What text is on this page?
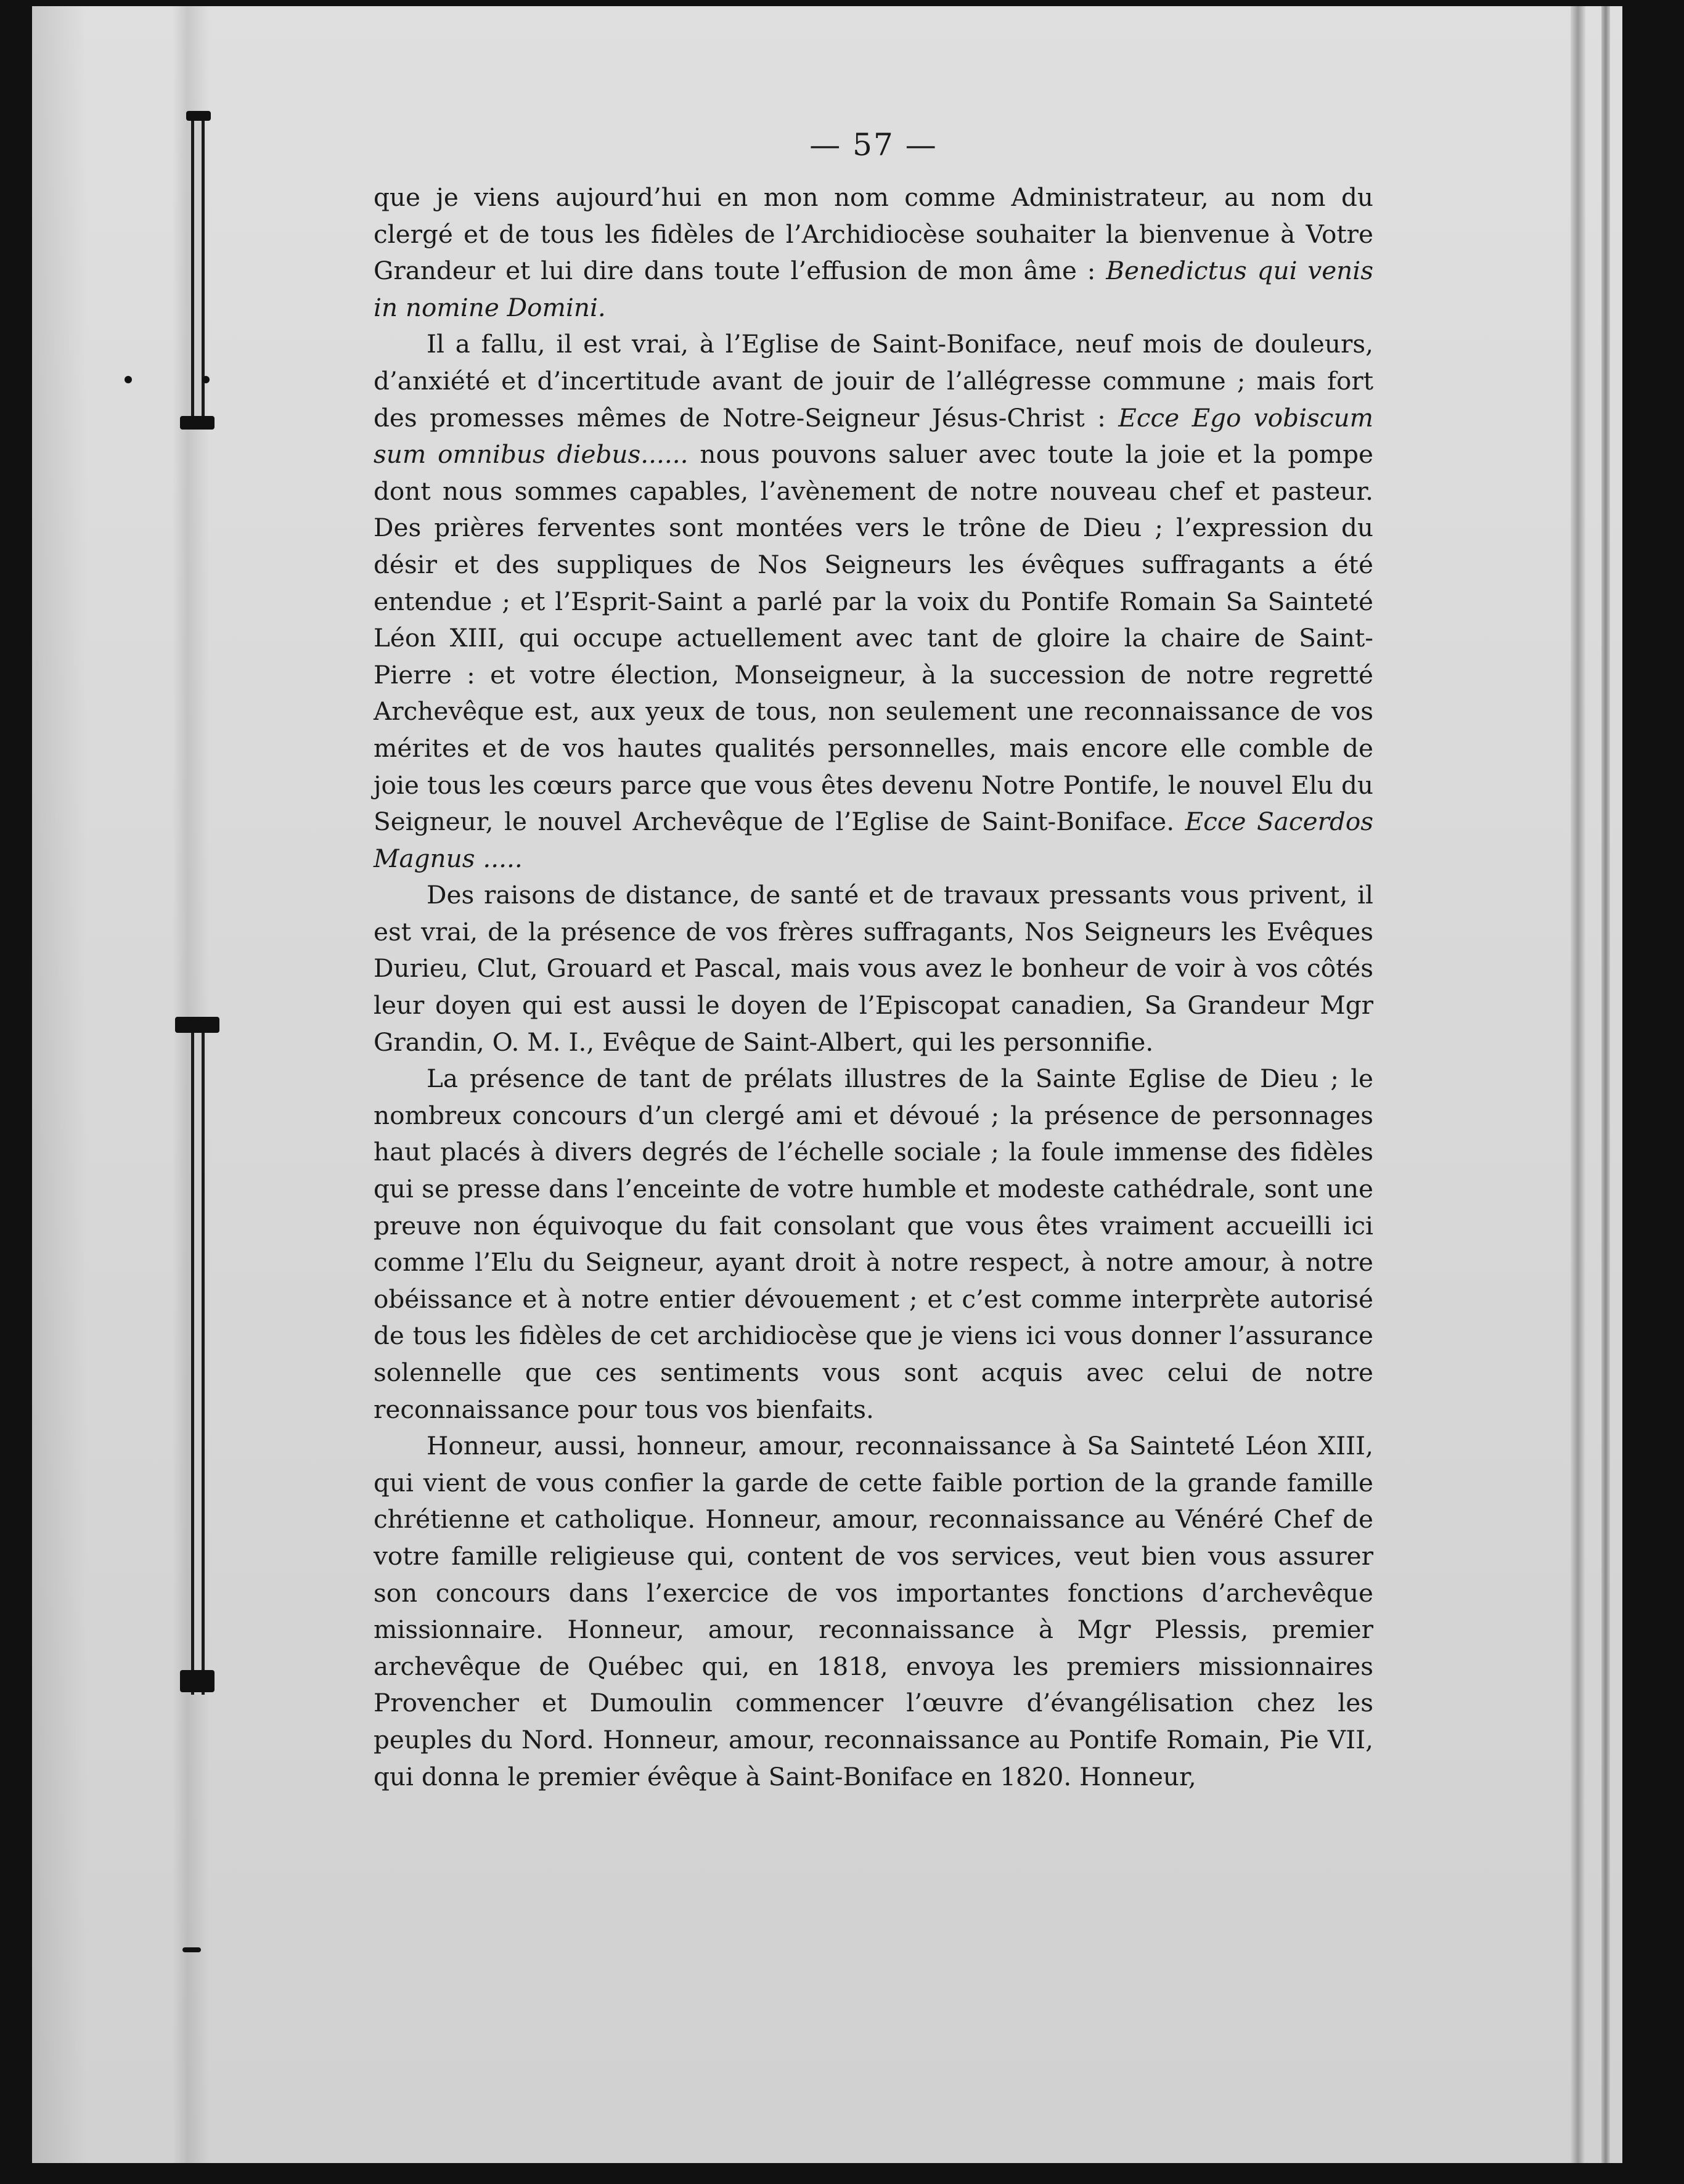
— 57 —

que je viens aujourd’hui en mon nom comme Administrateur, au nom du clergé et de tous les fidèles de l’Archidiocèse souhaiter la bienvenue à Votre Grandeur et lui dire dans toute l’effusion de mon âme : Benedictus qui venis in nomine Domini.

Il a fallu, il est vrai, à l’Eglise de Saint-Boniface, neuf mois de douleurs, d’anxiété et d’incertitude avant de jouir de l’allégresse commune ; mais fort des promesses mêmes de Notre-Seigneur Jésus-Christ : Ecce Ego vobiscum sum omnibus diebus...... nous pouvons saluer avec toute la joie et la pompe dont nous sommes capables, l’avènement de notre nouveau chef et pasteur. Des prières ferventes sont montées vers le trône de Dieu ; l’expression du désir et des suppliques de Nos Seigneurs les évêques suffragants a été entendue ; et l’Esprit-Saint a parlé par la voix du Pontife Romain Sa Sainteté Léon XIII, qui occupe actuellement avec tant de gloire la chaire de Saint-Pierre : et votre élection, Monseigneur, à la succession de notre regretté Archevêque est, aux yeux de tous, non seulement une reconnaissance de vos mérites et de vos hautes qualités personnelles, mais encore elle comble de joie tous les cœurs parce que vous êtes devenu Notre Pontife, le nouvel Elu du Seigneur, le nouvel Archevêque de l’Eglise de Saint-Boniface. Ecce Sacerdos Magnus .....

Des raisons de distance, de santé et de travaux pressants vous privent, il est vrai, de la présence de vos frères suffragants, Nos Seigneurs les Evêques Durieu, Clut, Grouard et Pascal, mais vous avez le bonheur de voir à vos côtés leur doyen qui est aussi le doyen de l’Episcopat canadien, Sa Grandeur Mgr Grandin, O. M. I., Evêque de Saint-Albert, qui les personnifie.

La présence de tant de prélats illustres de la Sainte Eglise de Dieu ; le nombreux concours d’un clergé ami et dévoué ; la présence de personnages haut placés à divers degrés de l’échelle sociale ; la foule immense des fidèles qui se presse dans l’enceinte de votre humble et modeste cathédrale, sont une preuve non équivoque du fait consolant que vous êtes vraiment accueilli ici comme l’Elu du Seigneur, ayant droit à notre respect, à notre amour, à notre obéissance et à notre entier dévouement ; et c’est comme interprète autorisé de tous les fidèles de cet archidiocèse que je viens ici vous donner l’assurance solennelle que ces sentiments vous sont acquis avec celui de notre reconnaissance pour tous vos bienfaits.

Honneur, aussi, honneur, amour, reconnaissance à Sa Sainteté Léon XIII, qui vient de vous confier la garde de cette faible portion de la grande famille chrétienne et catholique. Honneur, amour, reconnaissance au Vénéré Chef de votre famille religieuse qui, content de vos services, veut bien vous assurer son concours dans l’exercice de vos importantes fonctions d’archevêque missionnaire. Honneur, amour, reconnaissance à Mgr Plessis, premier archevêque de Québec qui, en 1818, envoya les premiers missionnaires Provencher et Dumoulin commencer l’œuvre d’évangélisation chez les peuples du Nord. Honneur, amour, reconnaissance au Pontife Romain, Pie VII, qui donna le premier évêque à Saint-Boniface en 1820. Honneur,
